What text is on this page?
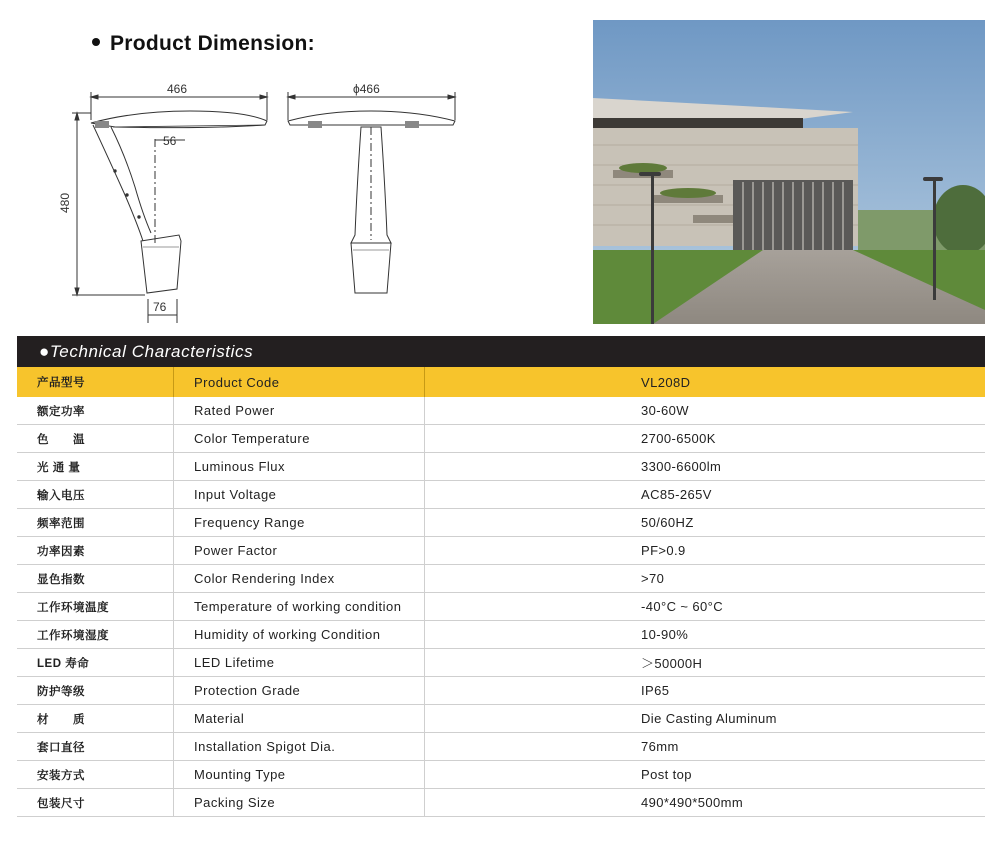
Product Dimension:
466
480
56
76
ϕ466
●Technical Characteristics
产品型号	Product Code	VL208D
额定功率	Rated Power	30-60W
色　　温	Color Temperature	2700-6500K
光 通 量	Luminous Flux	3300-6600lm
输入电压	Input Voltage	AC85-265V
频率范围	Frequency Range	50/60HZ
功率因素	Power Factor	PF>0.9
显色指数	Color Rendering Index	>70
工作环境温度	Temperature of working condition	-40°C ~ 60°C
工作环境湿度	Humidity of working Condition	10-90%
LED 寿命	LED Lifetime	＞50000H
防护等级	Protection Grade	IP65
材　　质	Material	Die Casting Aluminum
套口直径	Installation Spigot Dia.	76mm
安装方式	Mounting Type	Post top
包装尺寸	Packing Size	490*490*500mm
